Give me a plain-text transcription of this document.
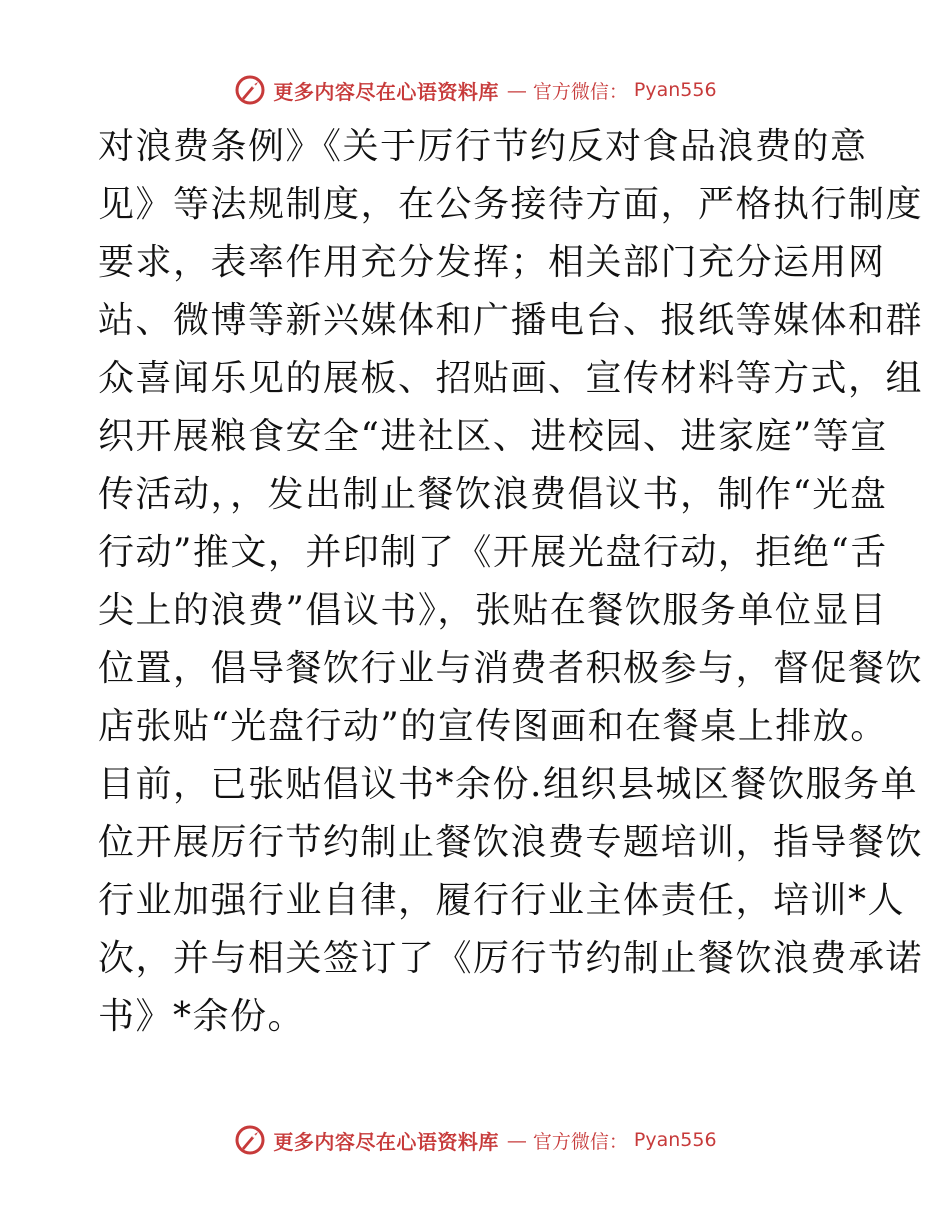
更多内容尽在心语资料库 — 官方微信： Pyan556
对浪费条例》《关于厉行节约反对食品浪费的意
见》等法规制度，在公务接待方面，严格执行制度
要求，表率作用充分发挥；相关部门充分运用网
站、微博等新兴媒体和广播电台、报纸等媒体和群
众喜闻乐见的展板、招贴画、宣传材料等方式，组
织开展粮食安全“进社区、进校园、进家庭”等宣
传活动，，发出制止餐饮浪费倡议书，制作“光盘
行动”推文，并印制了《开展光盘行动，拒绝“舌
尖上的浪费”倡议书》，张贴在餐饮服务单位显目
位置，倡导餐饮行业与消费者积极参与，督促餐饮
店张贴“光盘行动”的宣传图画和在餐桌上排放。
目前，已张贴倡议书*余份.组织县城区餐饮服务单
位开展厉行节约制止餐饮浪费专题培训，指导餐饮
行业加强行业自律，履行行业主体责任，培训*人
次，并与相关签订了《厉行节约制止餐饮浪费承诺
书》*余份。
更多内容尽在心语资料库 — 官方微信： Pyan556
